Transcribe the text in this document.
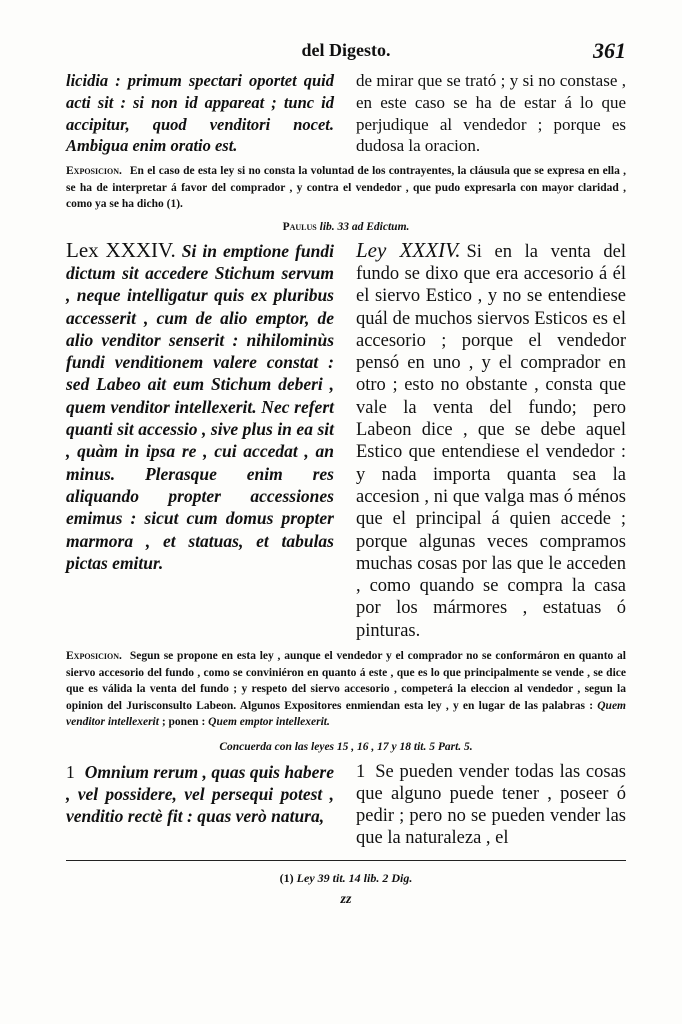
del Digesto.	361

licidia : primum spectari oportet quid acti sit : si non id appareat ; tunc id accipitur, quod venditori nocet. Ambigua enim oratio est.

de mirar que se trató ; y si no constase , en este caso se ha de estar á lo que perjudique al vendedor ; porque es dudosa la oracion.

Exposicion. En el caso de esta ley si no consta la voluntad de los contrayentes, la cláusula que se expresa en ella , se ha de interpretar á favor del comprador , y contra el vendedor , que pudo expresarla con mayor claridad , como ya se ha dicho (1).

Paulus lib. 33 ad Edictum.

Lex XXXIV. Si in emptione fundi dictum sit accedere Stichum servum , neque intelligatur quis ex pluribus accesserit , cum de alio emptor, de alio venditor senserit : nihilominùs fundi venditionem valere constat : sed Labeo ait eum Stichum deberi , quem venditor intellexerit. Nec refert quanti sit accessio , sive plus in ea sit , quàm in ipsa re , cui accedat , an minus. Plerasque enim res aliquando propter accessiones emimus : sicut cum domus propter marmora , et statuas, et tabulas pictas emitur.

Ley XXXIV. Si en la venta del fundo se dixo que era accesorio á él el siervo Estico , y no se entendiese quál de muchos siervos Esticos es el accesorio ; porque el vendedor pensó en uno , y el comprador en otro ; esto no obstante , consta que vale la venta del fundo; pero Labeon dice , que se debe aquel Estico que entendiese el vendedor : y nada importa quanta sea la accesion , ni que valga mas ó ménos que el principal á quien accede ; porque algunas veces compramos muchas cosas por las que le acceden , como quando se compra la casa por los mármores , estatuas ó pinturas.

Exposicion. Segun se propone en esta ley , aunque el vendedor y el comprador no se conformáron en quanto al siervo accesorio del fundo , como se conviniéron en quanto á este , que es lo que principalmente se vende , se dice que es válida la venta del fundo ; y respeto del siervo accesorio , competerá la eleccion al vendedor , segun la opinion del Jurisconsulto Labeon. Algunos Expositores enmiendan esta ley , y en lugar de las palabras : Quem venditor intellexerit ; ponen : Quem emptor intellexerit.

Concuerda con las leyes 15 , 16 , 17 y 18 tit. 5 Part. 5.

1 Omnium rerum , quas quis habere , vel possidere, vel persequi potest , venditio rectè fit : quas verò natura,

1 Se pueden vender todas las cosas que alguno puede tener , poseer ó pedir ; pero no se pueden vender las que la naturaleza , el

(1) Ley 39 tit. 14 lib. 2 Dig.
zz
